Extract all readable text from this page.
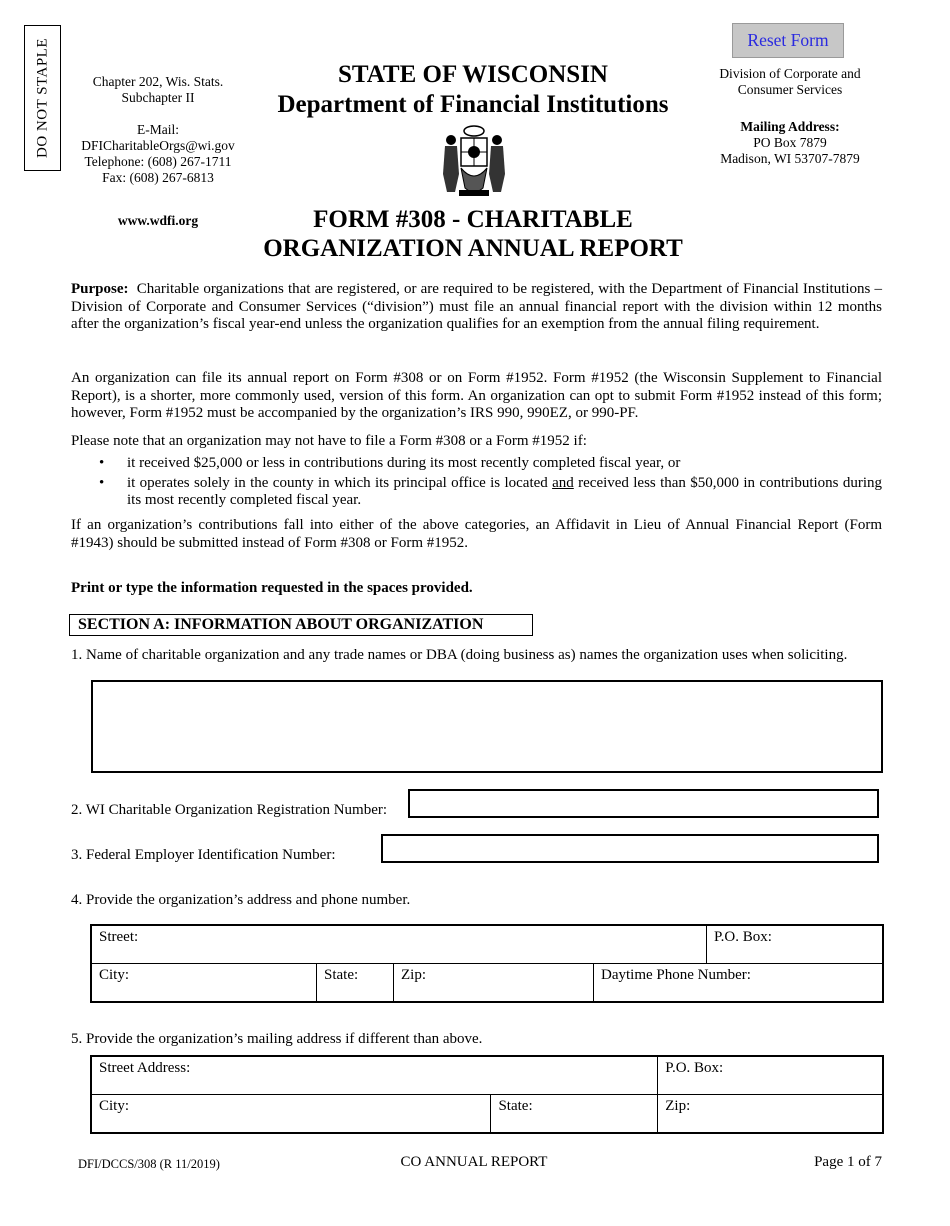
DO NOT STAPLE	Chapter 202, Wis. Stats.
Subchapter II
E-Mail:
DFICharitableOrgs@wi.gov
Telephone: (608) 267-1711
Fax: (608) 267-6813
www.wdfi.org
STATE OF WISCONSIN
Department of Financial Institutions
FORM #308 - CHARITABLE
ORGANIZATION ANNUAL REPORT
Reset Form
Division of Corporate and
Consumer Services
Mailing Address:
PO Box 7879
Madison, WI 53707-7879
Purpose: Charitable organizations that are registered, or are required to be registered, with the Department of Financial Institutions – Division of Corporate and Consumer Services (“division”) must file an annual financial report with the division within 12 months after the organization’s fiscal year-end unless the organization qualifies for an exemption from the annual filing requirement.
An organization can file its annual report on Form #308 or on Form #1952. Form #1952 (the Wisconsin Supplement to Financial Report), is a shorter, more commonly used, version of this form. An organization can opt to submit Form #1952 instead of this form; however, Form #1952 must be accompanied by the organization’s IRS 990, 990EZ, or 990-PF.
Please note that an organization may not have to file a Form #308 or a Form #1952 if:
•	it received $25,000 or less in contributions during its most recently completed fiscal year, or
•	it operates solely in the county in which its principal office is located and received less than $50,000 in contributions during its most recently completed fiscal year.
If an organization’s contributions fall into either of the above categories, an Affidavit in Lieu of Annual Financial Report (Form #1943) should be submitted instead of Form #308 or Form #1952.
Print or type the information requested in the spaces provided.
SECTION A: INFORMATION ABOUT ORGANIZATION
1. Name of charitable organization and any trade names or DBA (doing business as) names the organization uses when soliciting.
2. WI Charitable Organization Registration Number:
3. Federal Employer Identification Number:
4. Provide the organization’s address and phone number.
Street:				P.O. Box:

City:	State:	Zip:	Daytime Phone Number:	
5. Provide the organization’s mailing address if different than above.
Street Address:		P.O. Box:

City:	State:	Zip:
DFI/DCCS/308 (R 11/2019)	CO ANNUAL REPORT	Page 1 of 7
